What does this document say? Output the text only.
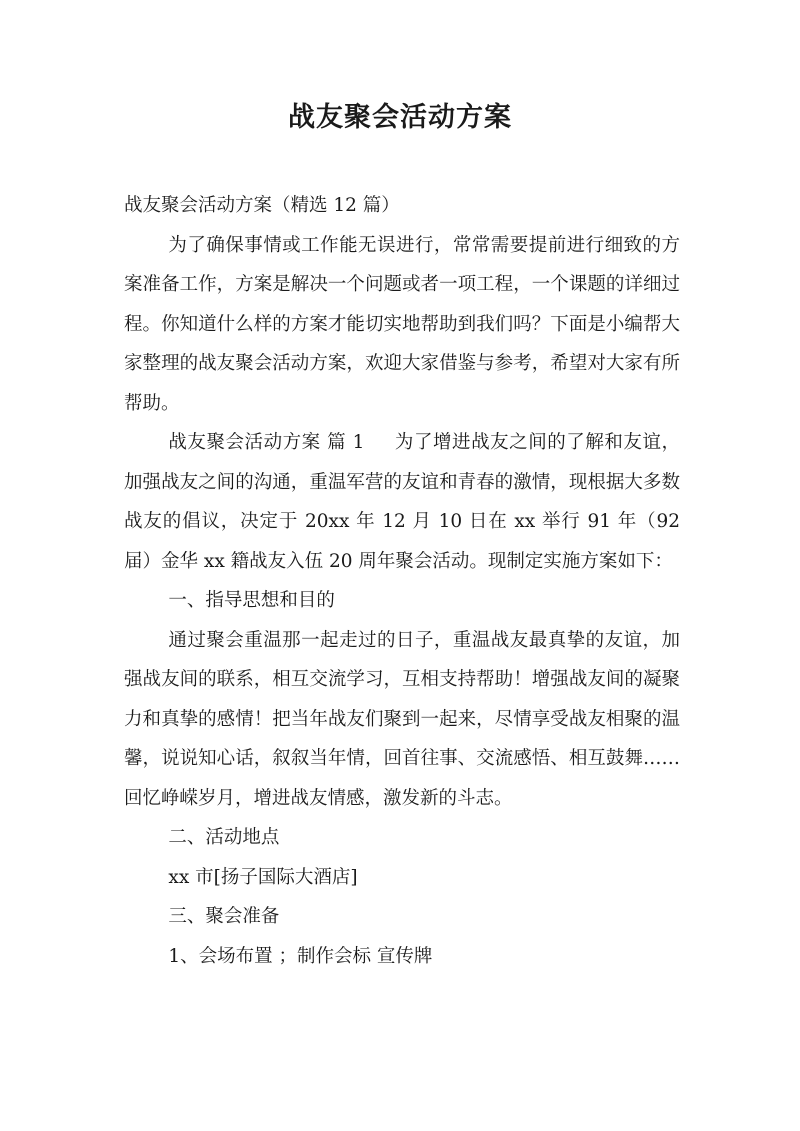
战友聚会活动方案

战友聚会活动方案（精选 12 篇）

为了确保事情或工作能无误进行，常常需要提前进行细致的方案准备工作，方案是解决一个问题或者一项工程，一个课题的详细过程。你知道什么样的方案才能切实地帮助到我们吗？下面是小编帮大家整理的战友聚会活动方案，欢迎大家借鉴与参考，希望对大家有所帮助。

战友聚会活动方案 篇 1 为了增进战友之间的了解和友谊，加强战友之间的沟通，重温军营的友谊和青春的激情，现根据大多数战友的倡议，决定于 20xx 年 12 月 10 日在 xx 举行 91 年（92 届）金华 xx 籍战友入伍 20 周年聚会活动。现制定实施方案如下：

一、指导思想和目的

通过聚会重温那一起走过的日子，重温战友最真挚的友谊，加强战友间的联系，相互交流学习，互相支持帮助！增强战友间的凝聚力和真挚的感情！把当年战友们聚到一起来，尽情享受战友相聚的温馨，说说知心话，叙叙当年情，回首往事、交流感悟、相互鼓舞……回忆峥嵘岁月，增进战友情感，激发新的斗志。

二、活动地点

xx 市[扬子国际大酒店]

三、聚会准备

1、会场布置 ；制作会标 宣传牌
